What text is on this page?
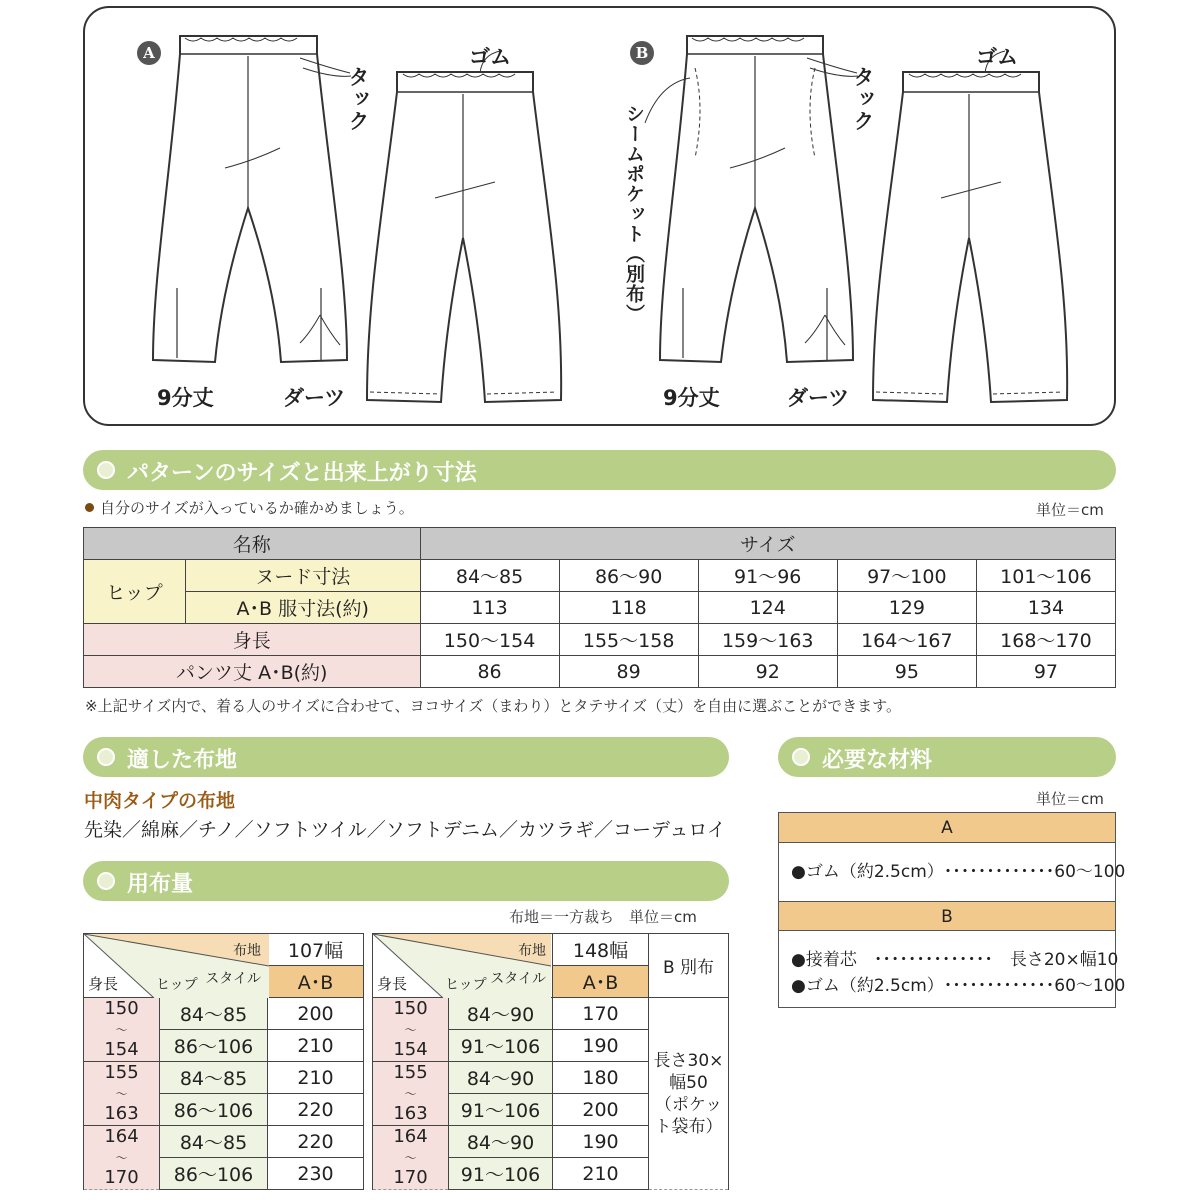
A	B
タック
ゴム
9分丈	ダーツ
ゴム
タック
シームポケット（別布）
9分丈	ダーツ
パターンのサイズと出来上がり寸法
自分のサイズが入っているか確かめましょう。	単位＝cm
名称		サイズ				
ヒップ	ヌード寸法	84〜85	86〜90	91〜96	97〜100	101〜106
	A･B 服寸法(約)	113	118	124	129	134
身長		150〜154	155〜158	159〜163	164〜167	168〜170
パンツ丈 A･B(約)		86	89	92	95	97
※上記サイズ内で、着る人のサイズに合わせて、ヨコサイズ（まわり）とタテサイズ（丈）を自由に選ぶことができます。
適した布地
中肉タイプの布地
先染／綿麻／チノ／ソフトツイル／ソフトデニム／カツラギ／コーデュロイ
必要な材料
単位＝cm
A
●ゴム（約2.5cm）･････････････60〜100
B
●接着芯　･･････････････　長さ20×幅10
●ゴム（約2.5cm）･････････････60〜100
用布量
布地＝一方裁ち　単位＝cm
布地
スタイル
身長 ヒップ		107幅
		A･B
150
～
154	84〜85	200
	86〜106	210
155
～
163	84〜85	210
	86〜106	220
164
～
170	84〜85	220
	86〜106	230
布地
スタイル
身長 ヒップ		148幅	B 別布
		A･B	
150
～
154	84〜90	170	長さ30×幅50（ポケット袋布）
	91〜106	190	
155
～
163	84〜90	180	
	91〜106	200	
164
～
170	84〜90	190	
	91〜106	210	
